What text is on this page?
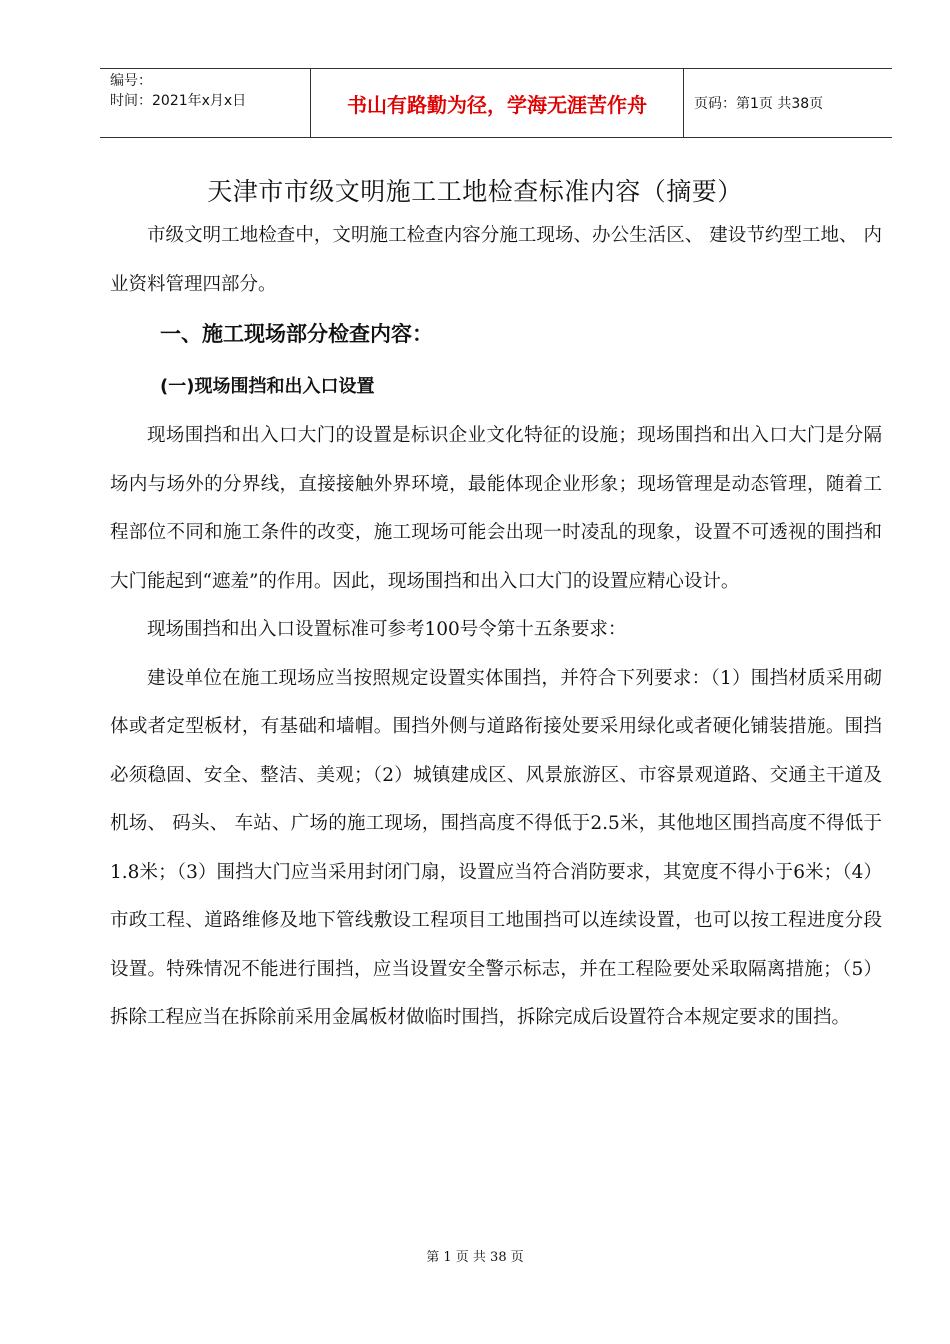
编号：
时间：2021年x月x日	书山有路勤为径，学海无涯苦作舟	页码：第1页 共38页
天津市市级文明施工工地检查标准内容（摘要）

市级文明工地检查中，文明施工检查内容分施工现场、办公生活区、 建设节约型工地、 内业资料管理四部分。

一、施工现场部分检查内容：
(一)现场围挡和出入口设置

现场围挡和出入口大门的设置是标识企业文化特征的设施；现场围挡和出入口大门是分隔场内与场外的分界线，直接接触外界环境，最能体现企业形象；现场管理是动态管理，随着工程部位不同和施工条件的改变，施工现场可能会出现一时凌乱的现象，设置不可透视的围挡和大门能起到“遮羞”的作用。因此，现场围挡和出入口大门的设置应精心设计。

现场围挡和出入口设置标准可参考100号令第十五条要求：

建设单位在施工现场应当按照规定设置实体围挡，并符合下列要求：（1）围挡材质采用砌体或者定型板材，有基础和墙帽。围挡外侧与道路衔接处要采用绿化或者硬化铺装措施。围挡必须稳固、安全、整洁、美观；（2）城镇建成区、风景旅游区、市容景观道路、交通主干道及机场、 码头、 车站、广场的施工现场，围挡高度不得低于2.5米，其他地区围挡高度不得低于1.8米；（3）围挡大门应当采用封闭门扇，设置应当符合消防要求，其宽度不得小于6米；（4）市政工程、道路维修及地下管线敷设工程项目工地围挡可以连续设置，也可以按工程进度分段设置。特殊情况不能进行围挡，应当设置安全警示标志，并在工程险要处采取隔离措施；（5）拆除工程应当在拆除前采用金属板材做临时围挡，拆除完成后设置符合本规定要求的围挡。

第 1 页 共 38 页
